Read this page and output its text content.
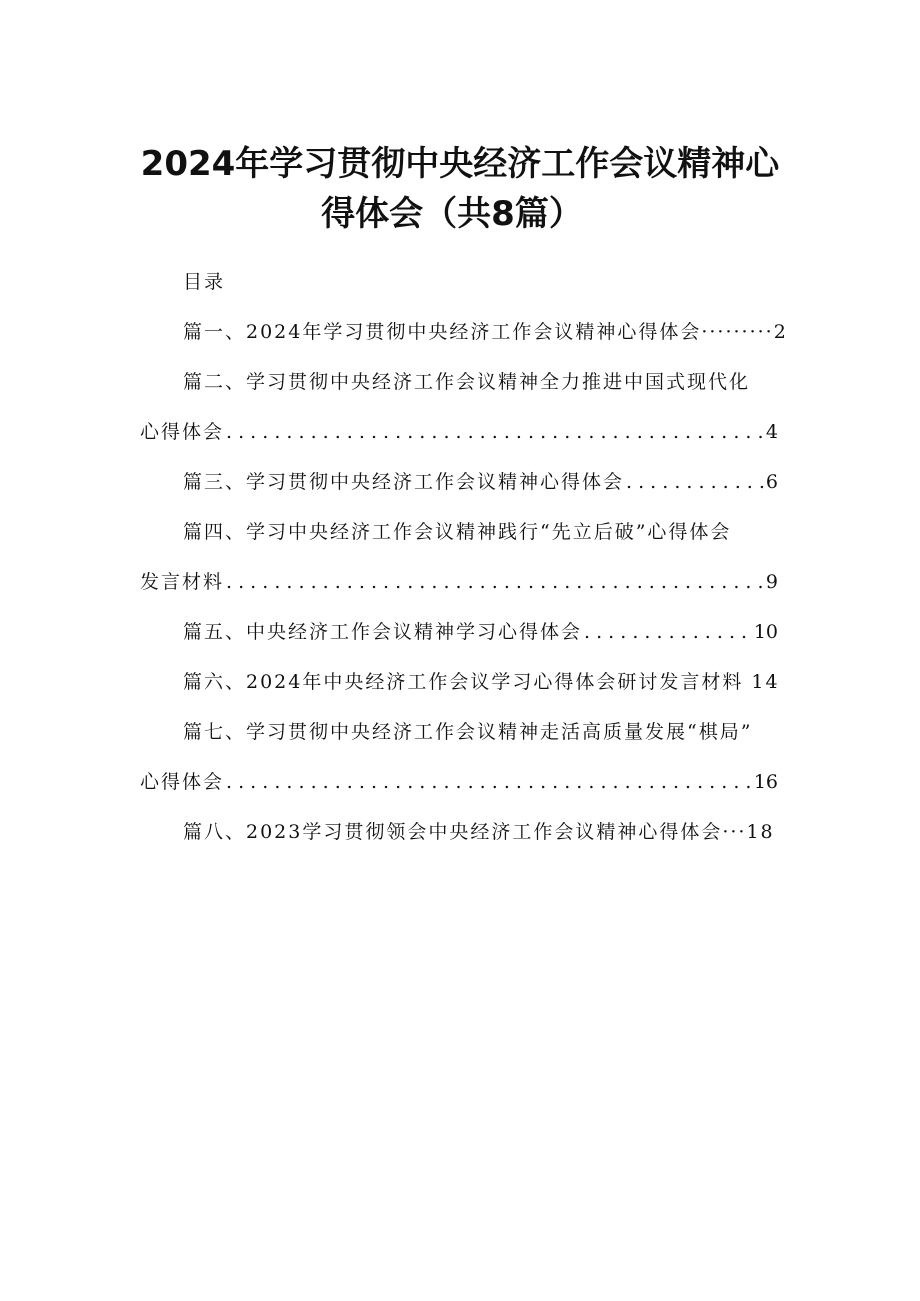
2024年学习贯彻中央经济工作会议精神心
得体会（共8篇）
目录
篇一、2024年学习贯彻中央经济工作会议精神心得体会·········2
篇二、学习贯彻中央经济工作会议精神全力推进中国式现代化
心得体会 . . .	4
篇三、学习贯彻中央经济工作会议精神心得体会 . . .	6
篇四、学习中央经济工作会议精神践行“先立后破”心得体会
发言材料 . . .	9
篇五、中央经济工作会议精神学习心得体会 . . .	10
篇六、2024年中央经济工作会议学习心得体会研讨发言材料 14
篇七、学习贯彻中央经济工作会议精神走活高质量发展“棋局”
心得体会 . . .	16
篇八、2023学习贯彻领会中央经济工作会议精神心得体会···18
